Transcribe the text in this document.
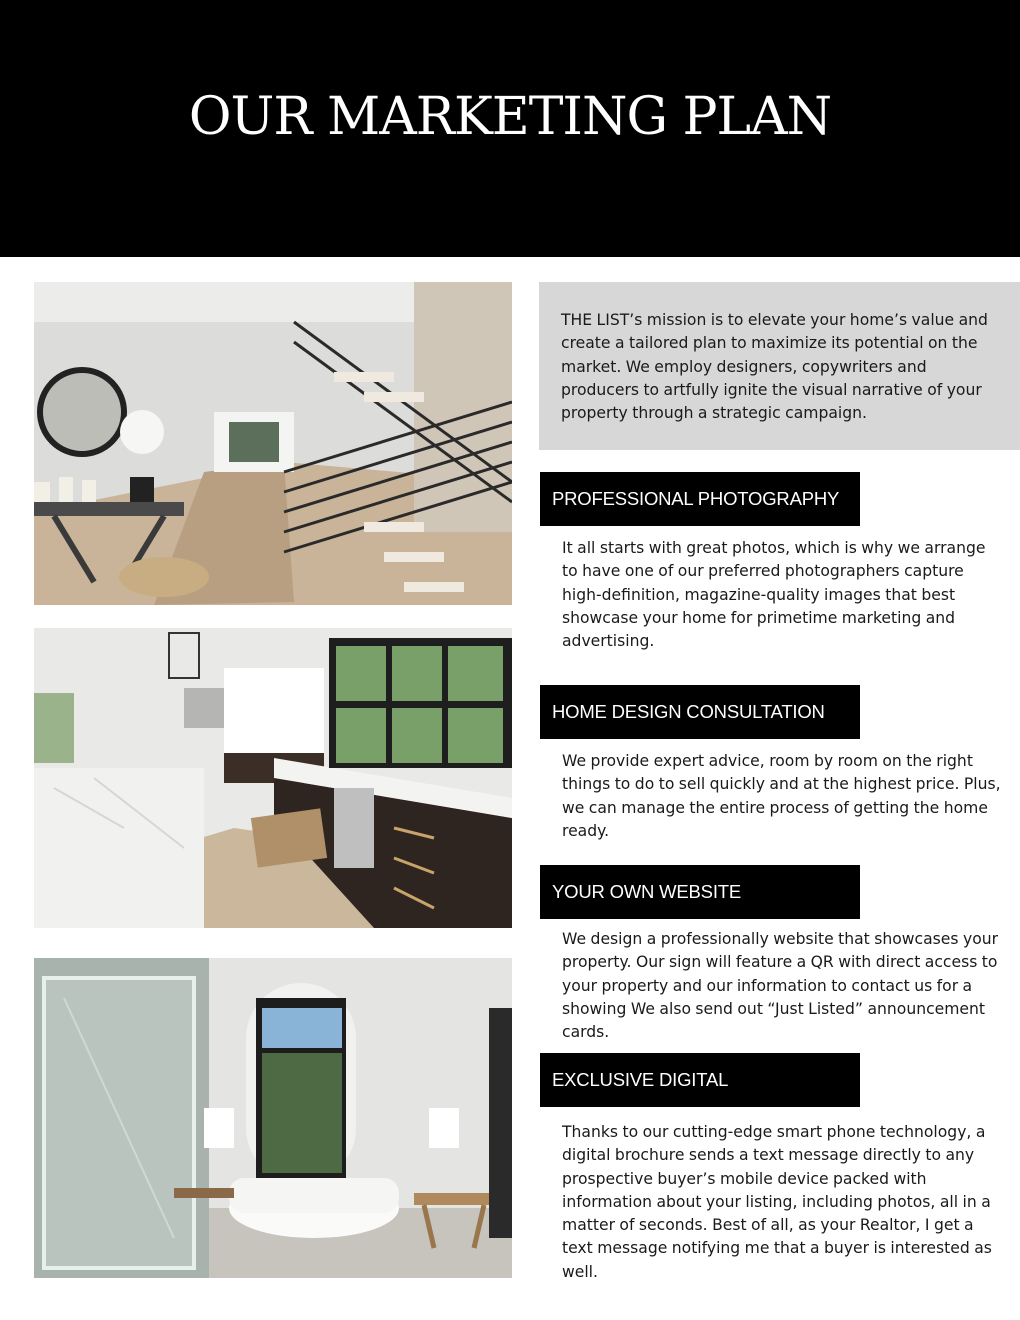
OUR MARKETING PLAN

THE LIST’s mission is to elevate your home’s value and create a tailored plan to maximize its potential on the market. We employ designers, copywriters and producers to artfully ignite the visual narrative of your property through a strategic campaign.

PROFESSIONAL PHOTOGRAPHY

It all starts with great photos, which is why we arrange to have one of our preferred photographers capture high-definition, magazine-quality images that best showcase your home for primetime marketing and advertising.

HOME DESIGN CONSULTATION

We provide expert advice, room by room on the right things to do to sell quickly and at the highest price. Plus, we can manage the entire process of getting the home ready.

YOUR OWN WEBSITE

We design a professionally website that showcases your property. Our sign will feature a QR with direct access to your property and our information to contact us for a showing We also send out “Just Listed” announcement cards.

EXCLUSIVE DIGITAL

Thanks to our cutting-edge smart phone technology, a digital brochure sends a text message directly to any prospective buyer’s mobile device packed with information about your listing, including photos, all in a matter of seconds. Best of all, as your Realtor, I get a text message notifying me that a buyer is interested as well.
